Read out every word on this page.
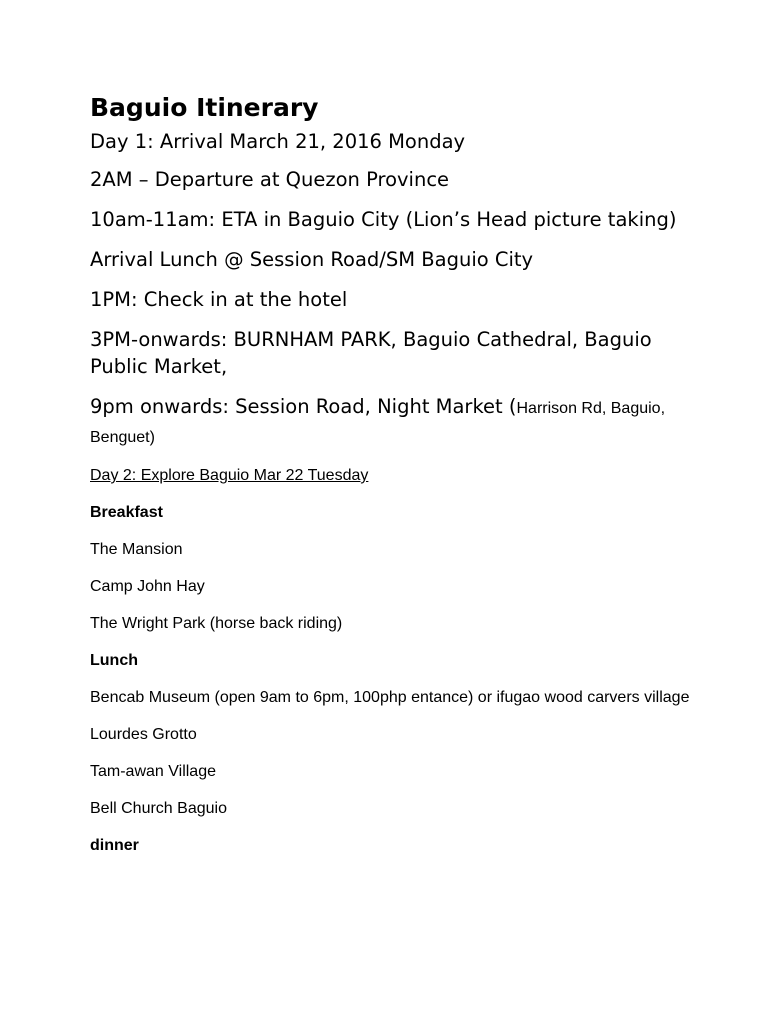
Baguio Itinerary
Day 1: Arrival March 21, 2016 Monday
2AM – Departure at Quezon Province
10am-11am: ETA in Baguio City (Lion’s Head picture taking)
Arrival Lunch @ Session Road/SM Baguio City
1PM: Check in at the hotel
3PM-onwards: BURNHAM PARK, Baguio Cathedral, Baguio Public Market,
9pm onwards: Session Road, Night Market (Harrison Rd, Baguio, Benguet)
Day 2: Explore Baguio Mar 22 Tuesday
Breakfast
The Mansion
Camp John Hay
The Wright Park (horse back riding)
Lunch
Bencab Museum (open 9am to 6pm, 100php entance) or ifugao wood carvers village
Lourdes Grotto
Tam-awan Village
Bell Church Baguio
dinner
